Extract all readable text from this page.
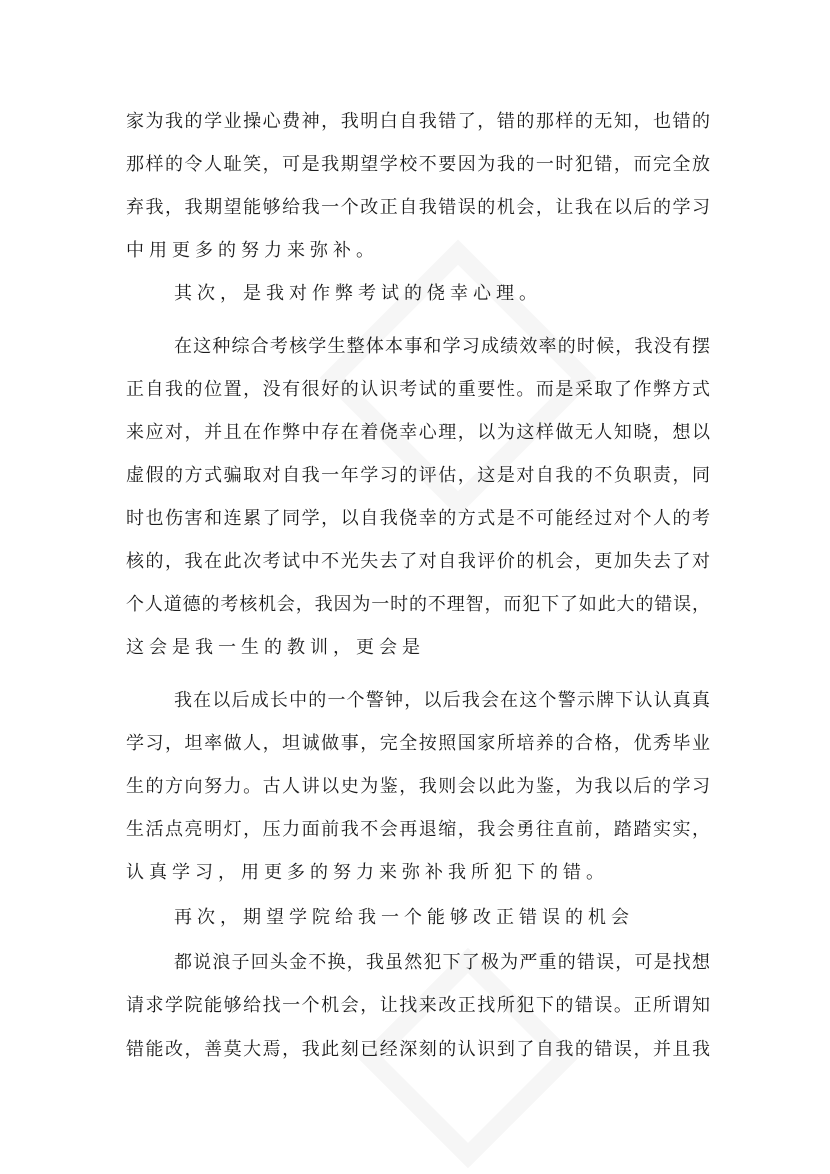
家为我的学业操心费神，我明白自我错了，错的那样的无知，也错的
那样的令人耻笑，可是我期望学校不要因为我的一时犯错，而完全放
弃我，我期望能够给我一个改正自我错误的机会，让我在以后的学习
中用更多的努力来弥补。
其次，是我对作弊考试的侥幸心理。
在这种综合考核学生整体本事和学习成绩效率的时候，我没有摆
正自我的位置，没有很好的认识考试的重要性。而是采取了作弊方式
来应对，并且在作弊中存在着侥幸心理，以为这样做无人知晓，想以
虚假的方式骗取对自我一年学习的评估，这是对自我的不负职责，同
时也伤害和连累了同学，以自我侥幸的方式是不可能经过对个人的考
核的，我在此次考试中不光失去了对自我评价的机会，更加失去了对
个人道德的考核机会，我因为一时的不理智，而犯下了如此大的错误，
这会是我一生的教训，更会是
我在以后成长中的一个警钟，以后我会在这个警示牌下认认真真
学习，坦率做人，坦诚做事，完全按照国家所培养的合格，优秀毕业
生的方向努力。古人讲以史为鉴，我则会以此为鉴，为我以后的学习
生活点亮明灯，压力面前我不会再退缩，我会勇往直前，踏踏实实，
认真学习，用更多的努力来弥补我所犯下的错。
再次，期望学院给我一个能够改正错误的机会
都说浪子回头金不换，我虽然犯下了极为严重的错误，可是找想
请求学院能够给找一个机会，让找来改正找所犯下的错误。正所谓知
错能改，善莫大焉，我此刻已经深刻的认识到了自我的错误，并且我
